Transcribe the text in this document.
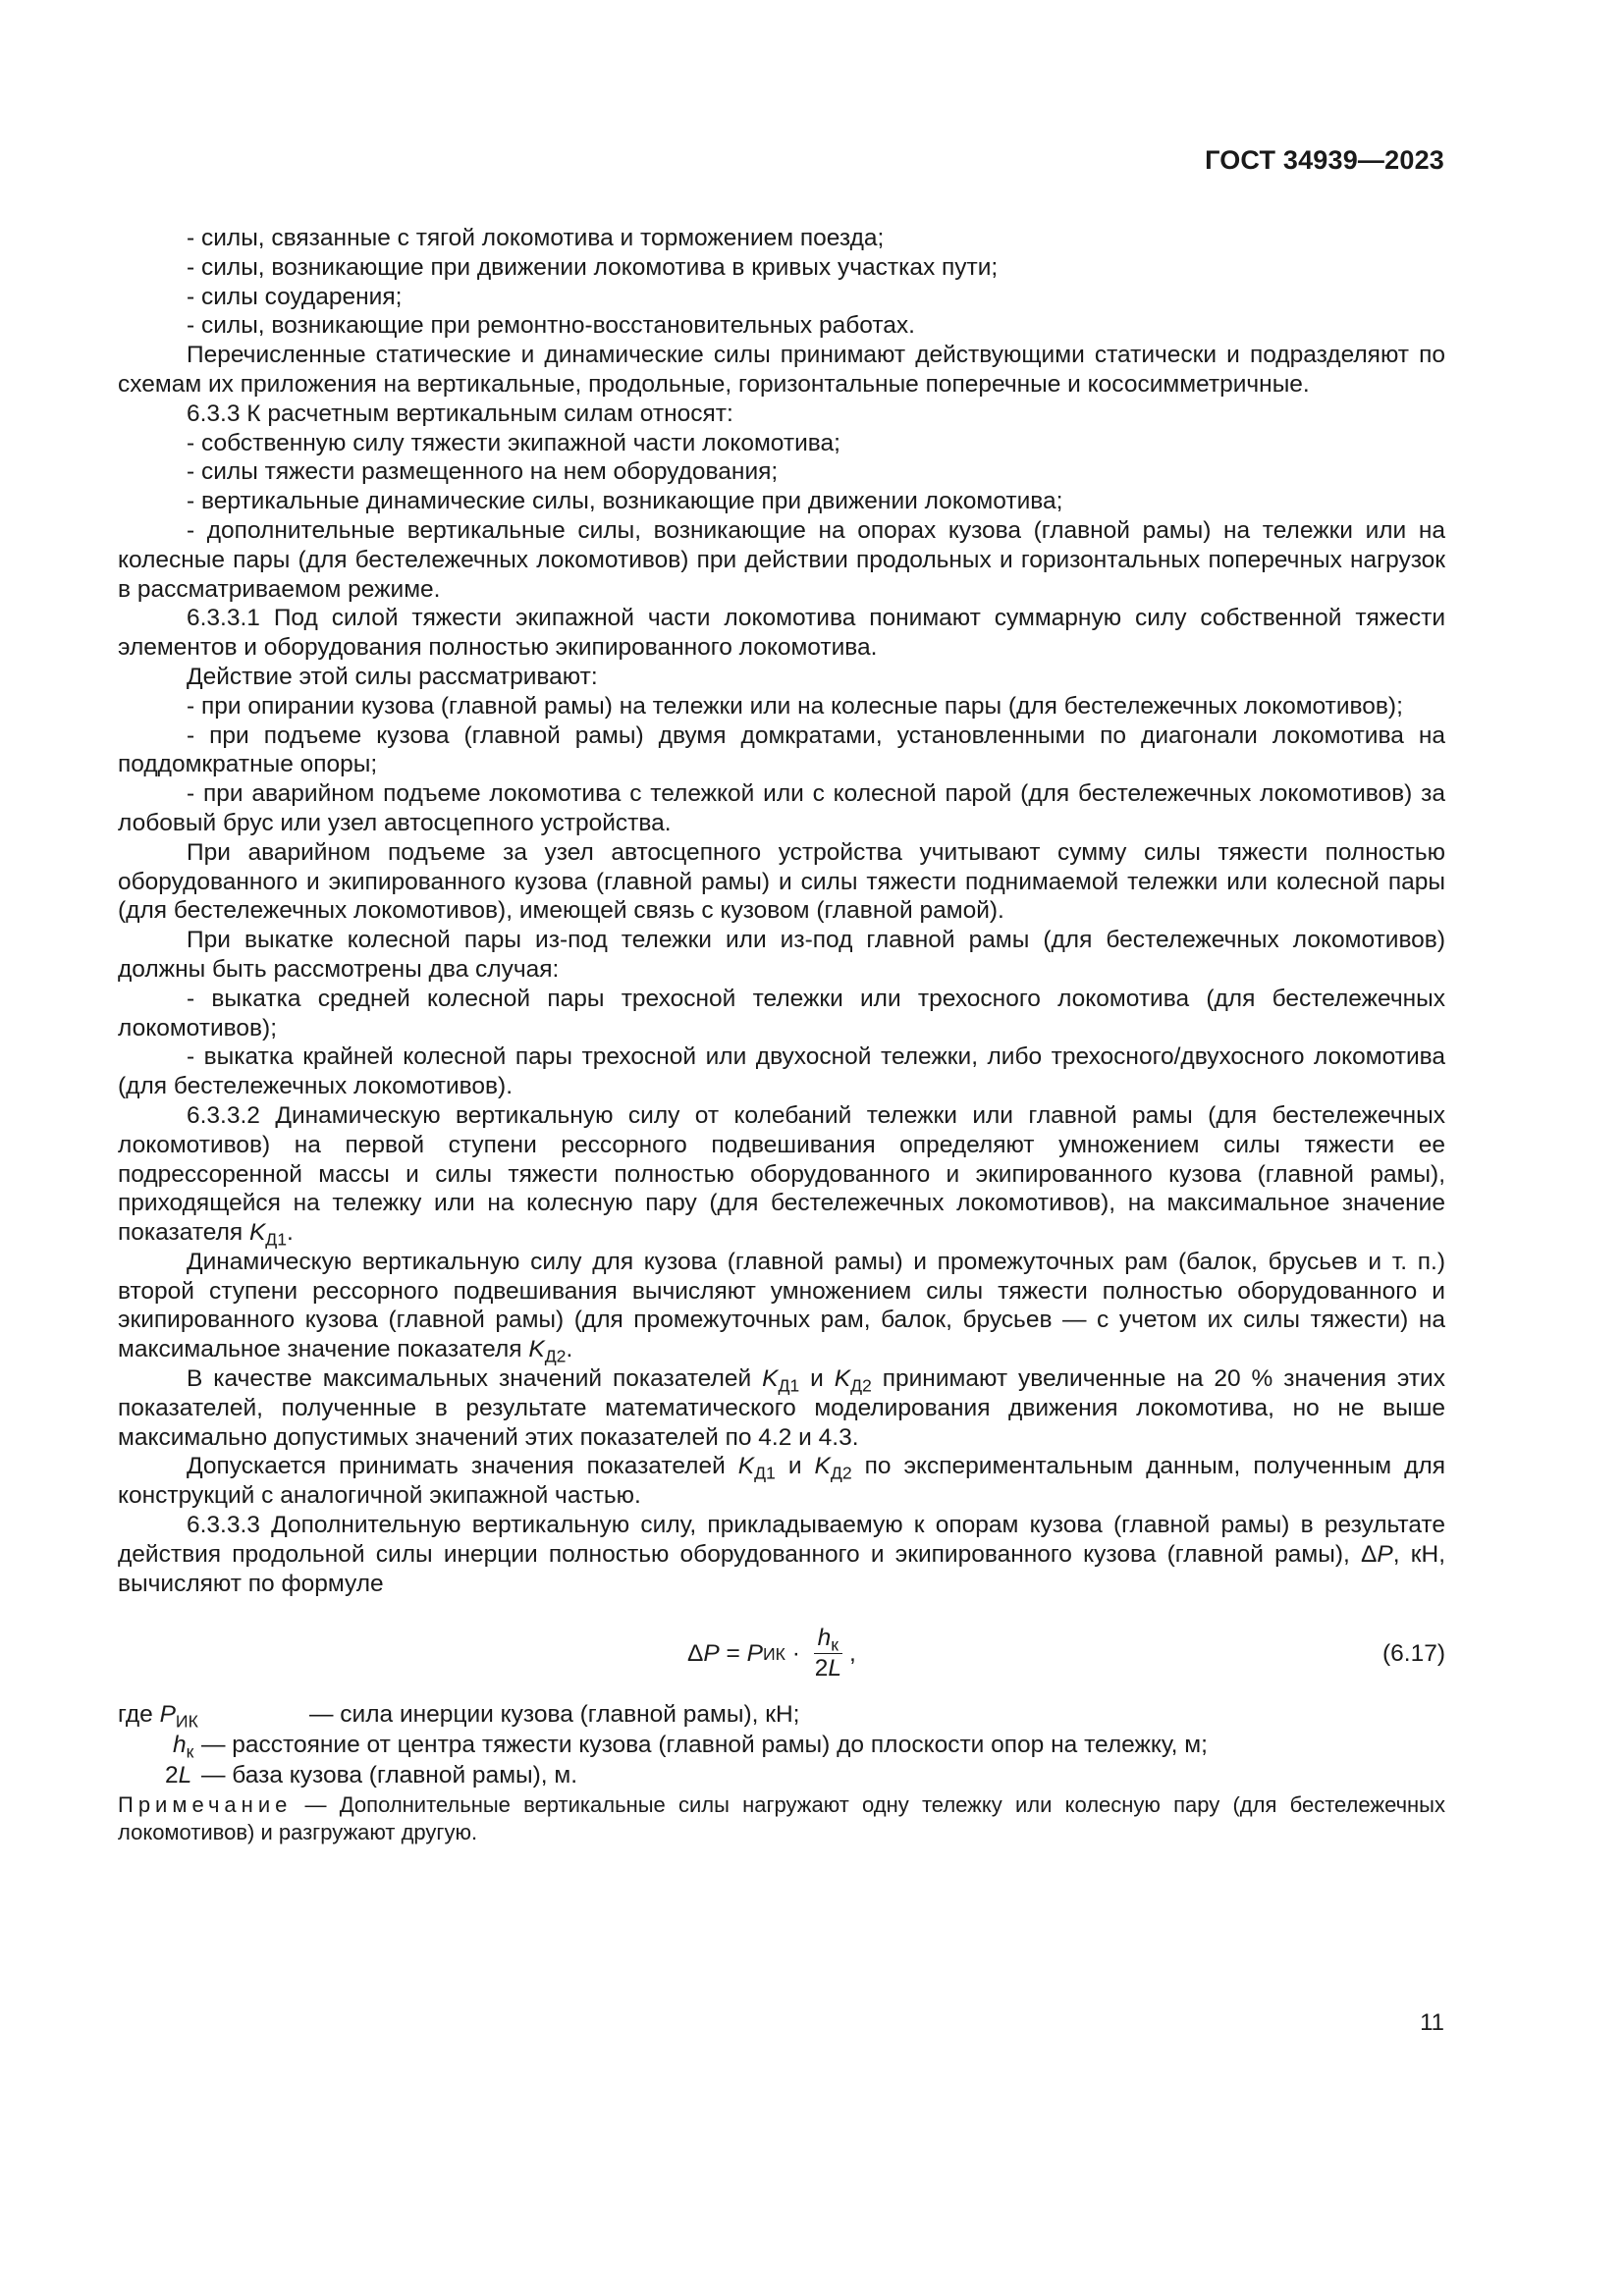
ГОСТ 34939—2023

- силы, связанные с тягой локомотива и торможением поезда;

- силы, возникающие при движении локомотива в кривых участках пути;

- силы соударения;

- силы, возникающие при ремонтно-восстановительных работах.

Перечисленные статические и динамические силы принимают действующими статически и подразделяют по схемам их приложения на вертикальные, продольные, горизонтальные поперечные и кососимметричные.

6.3.3 К расчетным вертикальным силам относят:

- собственную силу тяжести экипажной части локомотива;

- силы тяжести размещенного на нем оборудования;

- вертикальные динамические силы, возникающие при движении локомотива;

- дополнительные вертикальные силы, возникающие на опорах кузова (главной рамы) на тележки или на колесные пары (для бестележечных локомотивов) при действии продольных и горизонтальных поперечных нагрузок в рассматриваемом режиме.

6.3.3.1 Под силой тяжести экипажной части локомотива понимают суммарную силу собственной тяжести элементов и оборудования полностью экипированного локомотива.

Действие этой силы рассматривают:

- при опирании кузова (главной рамы) на тележки или на колесные пары (для бестележечных локомотивов);

- при подъеме кузова (главной рамы) двумя домкратами, установленными по диагонали локомотива на поддомкратные опоры;

- при аварийном подъеме локомотива с тележкой или с колесной парой (для бестележечных локомотивов) за лобовый брус или узел автосцепного устройства.

При аварийном подъеме за узел автосцепного устройства учитывают сумму силы тяжести полностью оборудованного и экипированного кузова (главной рамы) и силы тяжести поднимаемой тележки или колесной пары (для бестележечных локомотивов), имеющей связь с кузовом (главной рамой).

При выкатке колесной пары из-под тележки или из-под главной рамы (для бестележечных локомотивов) должны быть рассмотрены два случая:

- выкатка средней колесной пары трехосной тележки или трехосного локомотива (для бестележечных локомотивов);

- выкатка крайней колесной пары трехосной или двухосной тележки, либо трехосного/двухосного локомотива (для бестележечных локомотивов).

6.3.3.2 Динамическую вертикальную силу от колебаний тележки или главной рамы (для бестележечных локомотивов) на первой ступени рессорного подвешивания определяют умножением силы тяжести ее подрессоренной массы и силы тяжести полностью оборудованного и экипированного кузова (главной рамы), приходящейся на тележку или на колесную пару (для бестележечных локомотивов), на максимальное значение показателя $K_{Д1}$.

Динамическую вертикальную силу для кузова (главной рамы) и промежуточных рам (балок, брусьев и т. п.) второй ступени рессорного подвешивания вычисляют умножением силы тяжести полностью оборудованного и экипированного кузова (главной рамы) (для промежуточных рам, балок, брусьев — с учетом их силы тяжести) на максимальное значение показателя $K_{Д2}$.

В качестве максимальных значений показателей $K_{Д1}$ и $K_{Д2}$ принимают увеличенные на 20 % значения этих показателей, полученные в результате математического моделирования движения локомотива, но не выше максимально допустимых значений этих показателей по 4.2 и 4.3.

Допускается принимать значения показателей $K_{Д1}$ и $K_{Д2}$ по экспериментальным данным, полученным для конструкций с аналогичной экипажной частью.

6.3.3.3 Дополнительную вертикальную силу, прикладываемую к опорам кузова (главной рамы) в результате действия продольной силы инерции полностью оборудованного и экипированного кузова (главной рамы), ΔP, кН, вычисляют по формуле

Δ P = P ИК · $\frac{h_к}{2L}$ ,	(6.17)
где $P_{ИК}$	— сила инерции кузова (главной рамы), кН;
$h_к$ — расстояние от центра тяжести кузова (главной рамы) до плоскости опор на тележку, м;
2L — база кузова (главной рамы), м.

Примечание — Дополнительные вертикальные силы нагружают одну тележку или колесную пару (для бестележечных локомотивов) и разгружают другую.

11
